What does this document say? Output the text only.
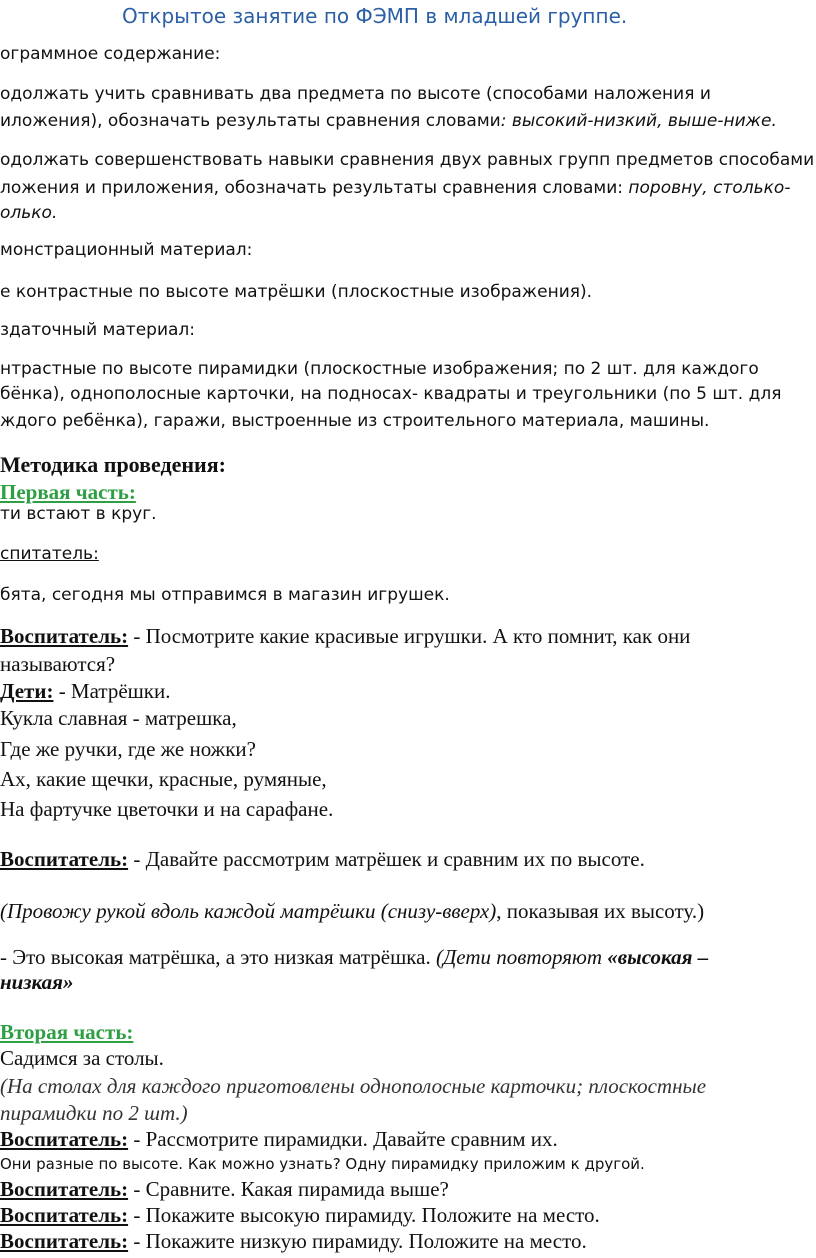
Открытое занятие по ФЭМП в младшей группе.

ограммное содержание:

одолжать учить сравнивать два предмета по высоте (способами наложения и

иложения), обозначать результаты сравнения словами: высокий-низкий, выше-ниже.

одолжать совершенствовать навыки сравнения двух равных групп предметов способами

ложения и приложения, обозначать результаты сравнения словами: поровну, столько-

олько.

монстрационный материал:

е контрастные по высоте матрёшки (плоскостные изображения).

здаточный материал:

нтрастные по высоте пирамидки (плоскостные изображения; по 2 шт. для каждого

бёнка), однополосные карточки, на подносах- квадраты и треугольники (по 5 шт. для

ждого ребёнка), гаражи, выстроенные из строительного материала, машины.

Методика проведения:

Первая часть:

ти встают в круг.

спитатель:

бята, сегодня мы отправимся в магазин игрушек.

Воспитатель: - Посмотрите какие красивые игрушки. А кто помнит, как они

называются?

Дети: - Матрёшки.

Кукла славная - матрешка,

Где же ручки, где же ножки?

Ах, какие щечки, красные, румяные,

На фартучке цветочки и на сарафане.

Воспитатель: - Давайте рассмотрим матрёшек и сравним их по высоте.

(Провожу рукой вдоль каждой матрёшки (снизу-вверх), показывая их высоту.)

- Это высокая матрёшка, а это низкая матрёшка. (Дети повторяют «высокая –

низкая»

Вторая часть:

Садимся за столы.

(На столах для каждого приготовлены однополосные карточки; плоскостные

пирамидки по 2 шт.)

Воспитатель: - Рассмотрите пирамидки. Давайте сравним их.

Они разные по высоте. Как можно узнать? Одну пирамидку приложим к другой.

Воспитатель: - Сравните. Какая пирамида выше?

Воспитатель: - Покажите высокую пирамиду. Положите на место.

Воспитатель: - Покажите низкую пирамиду. Положите на место.
